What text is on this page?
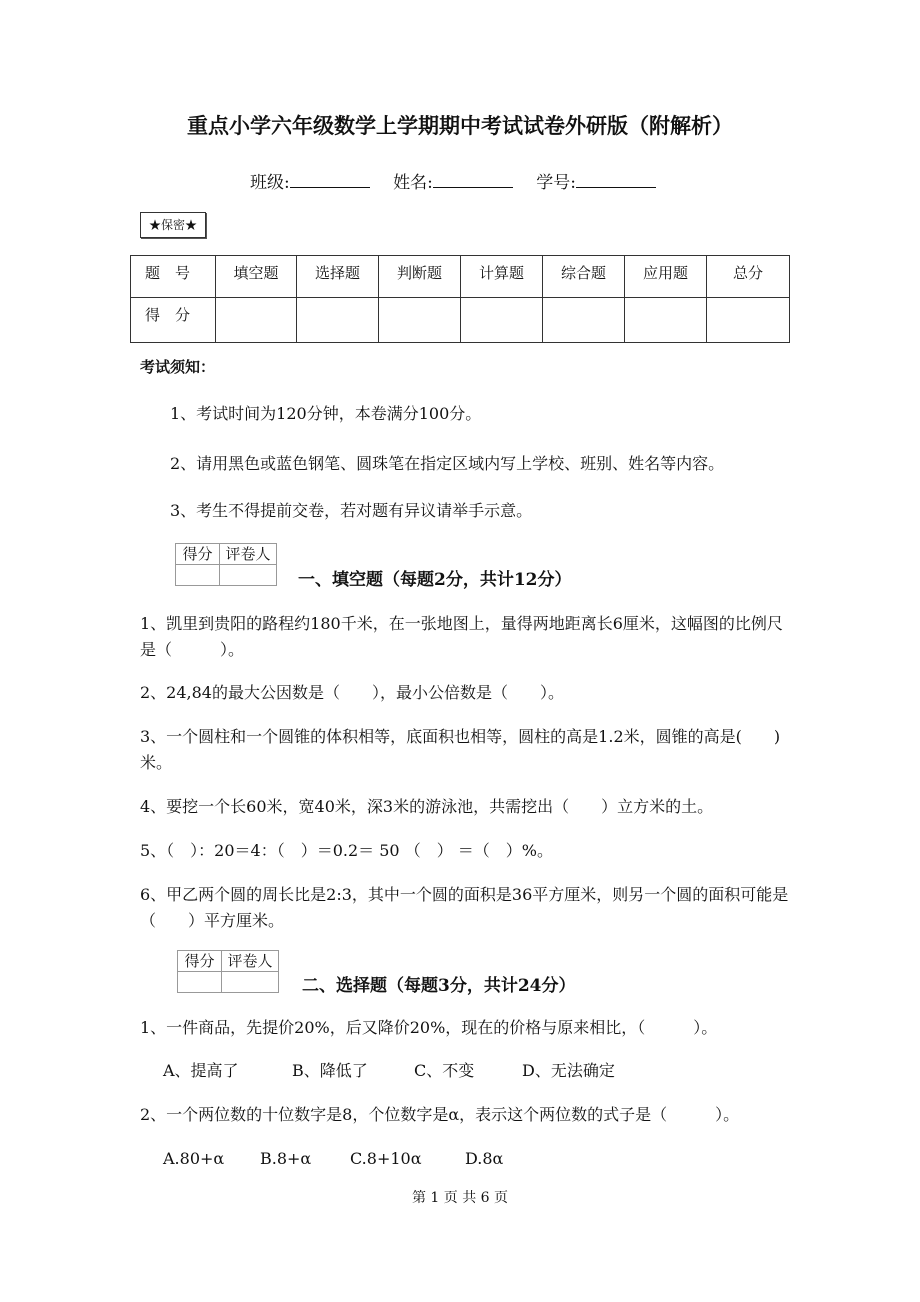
重点小学六年级数学上学期期中考试试卷外研版（附解析）
班级:	姓名:	学号:
★保密★
题　号	填空题	选择题	判断题	计算题	综合题	应用题	总分
得　分							
考试须知：
1、考试时间为120分钟，本卷满分100分。
2、请用黑色或蓝色钢笔、圆珠笔在指定区域内写上学校、班别、姓名等内容。
3、考生不得提前交卷，若对题有异议请举手示意。
得分	评卷人

一、填空题（每题2分，共计12分）
1、凯里到贵阳的路程约180千米，在一张地图上，量得两地距离长6厘米，这幅图的比例尺
是（　　　）。
2、24,84的最大公因数是（　　），最小公倍数是（　　）。
3、一个圆柱和一个圆锥的体积相等，底面积也相等，圆柱的高是1.2米，圆锥的高是(　　)
米。
4、要挖一个长60米，宽40米，深3米的游泳池，共需挖出（　　）立方米的土。
5、（　）：20＝4：（　）＝0.2＝ 50 （　） ＝（　）%。
6、甲乙两个圆的周长比是2:3，其中一个圆的面积是36平方厘米，则另一个圆的面积可能是
（　　）平方厘米。
得分	评卷人

二、选择题（每题3分，共计24分）
1、一件商品，先提价20%，后又降价20%，现在的价格与原来相比，（　　　）。
A、提高了	B、降低了	C、不变	D、无法确定
2、一个两位数的十位数字是8，个位数字是α，表示这个两位数的式子是（　　　）。
A.80+α B.8+α C.8+10α	D.8α
第 1 页 共 6 页
